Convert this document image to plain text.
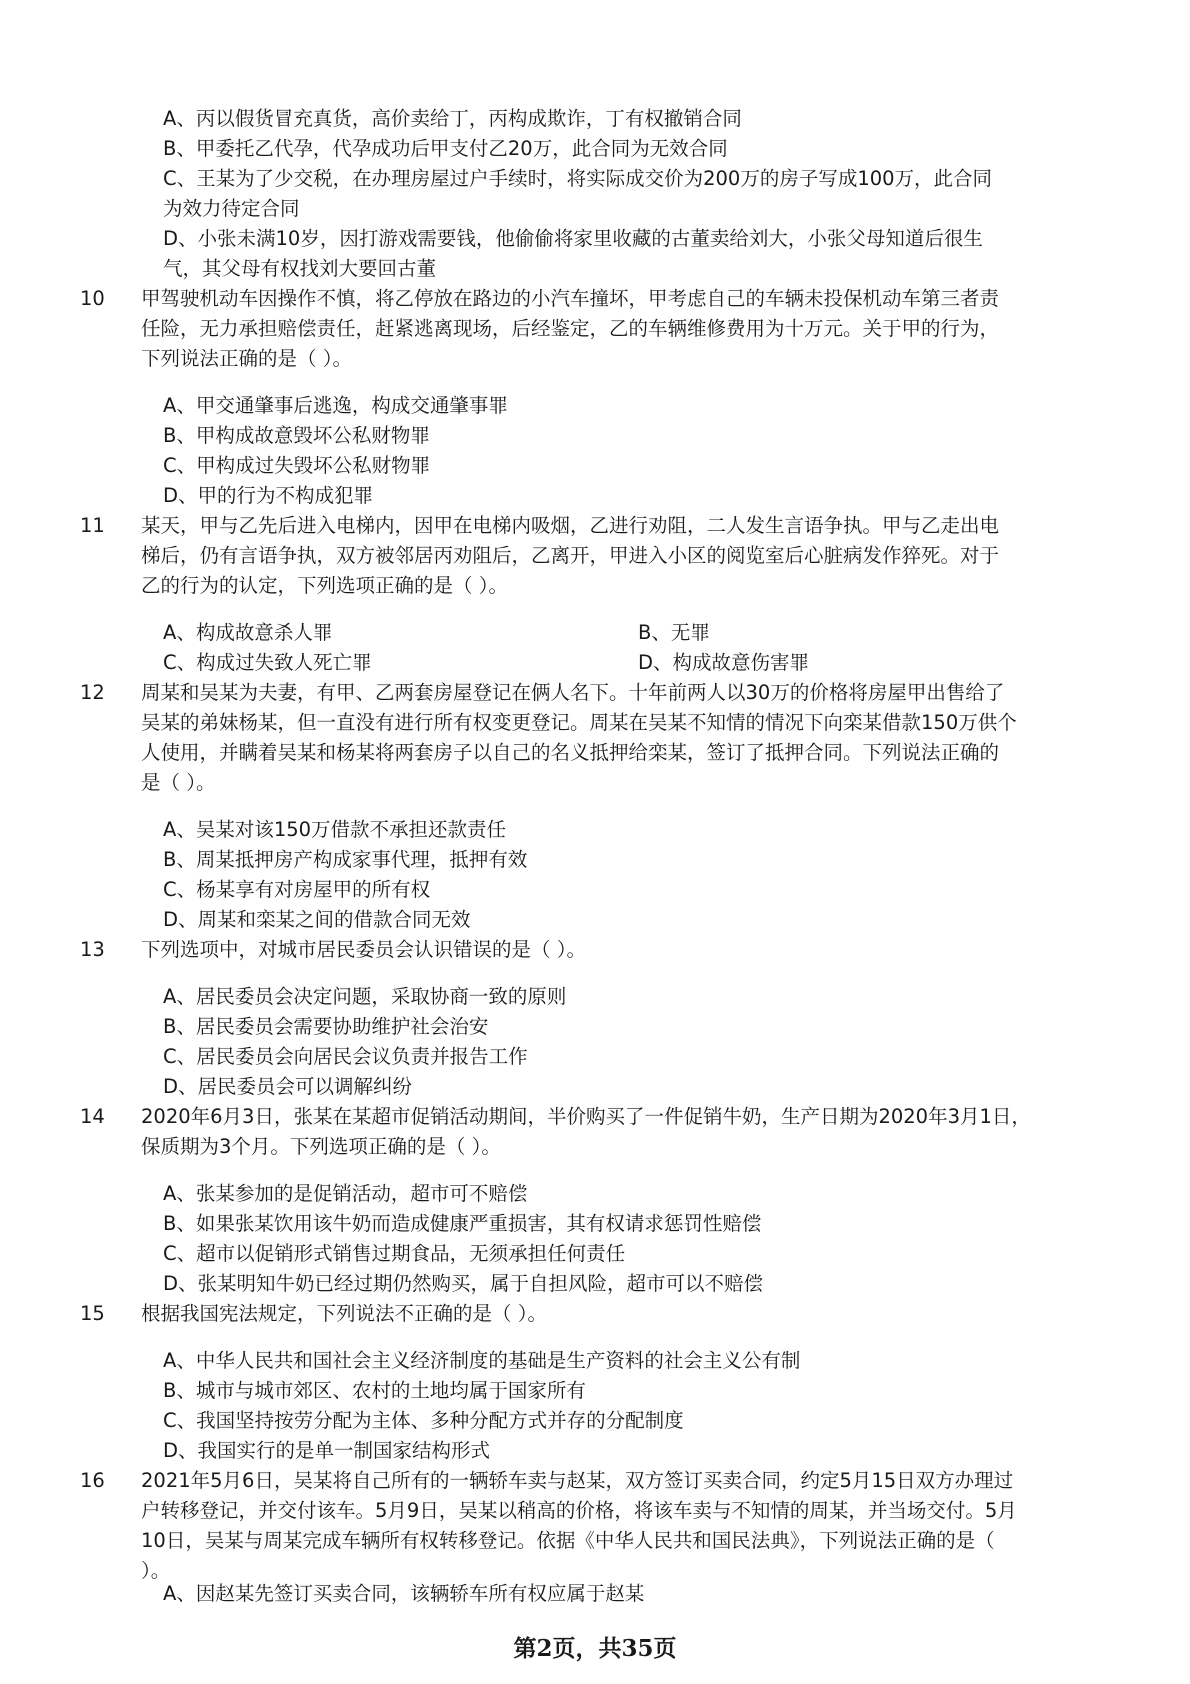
A、丙以假货冒充真货，高价卖给丁，丙构成欺诈，丁有权撤销合同
B、甲委托乙代孕，代孕成功后甲支付乙20万，此合同为无效合同
C、王某为了少交税，在办理房屋过户手续时，将实际成交价为200万的房子写成100万，此合同
为效力待定合同
D、小张未满10岁，因打游戏需要钱，他偷偷将家里收藏的古董卖给刘大，小张父母知道后很生
气，其父母有权找刘大要回古董
10	甲驾驶机动车因操作不慎，将乙停放在路边的小汽车撞坏，甲考虑自己的车辆未投保机动车第三者责
任险，无力承担赔偿责任，赶紧逃离现场，后经鉴定，乙的车辆维修费用为十万元。关于甲的行为，
下列说法正确的是（ ）。
A、甲交通肇事后逃逸，构成交通肇事罪
B、甲构成故意毁坏公私财物罪
C、甲构成过失毁坏公私财物罪
D、甲的行为不构成犯罪
11	某天，甲与乙先后进入电梯内，因甲在电梯内吸烟，乙进行劝阻，二人发生言语争执。甲与乙走出电
梯后，仍有言语争执，双方被邻居丙劝阻后，乙离开，甲进入小区的阅览室后心脏病发作猝死。对于
乙的行为的认定，下列选项正确的是（ ）。
A、构成故意杀人罪	B、无罪
C、构成过失致人死亡罪	D、构成故意伤害罪
12	周某和吴某为夫妻，有甲、乙两套房屋登记在俩人名下。十年前两人以30万的价格将房屋甲出售给了
吴某的弟妹杨某，但一直没有进行所有权变更登记。周某在吴某不知情的情况下向栾某借款150万供个
人使用，并瞒着吴某和杨某将两套房子以自己的名义抵押给栾某，签订了抵押合同。下列说法正确的
是（ ）。
A、吴某对该150万借款不承担还款责任
B、周某抵押房产构成家事代理，抵押有效
C、杨某享有对房屋甲的所有权
D、周某和栾某之间的借款合同无效
13	下列选项中，对城市居民委员会认识错误的是（ ）。
A、居民委员会决定问题，采取协商一致的原则
B、居民委员会需要协助维护社会治安
C、居民委员会向居民会议负责并报告工作
D、居民委员会可以调解纠纷
14	2020年6月3日，张某在某超市促销活动期间，半价购买了一件促销牛奶，生产日期为2020年3月1日，
保质期为3个月。下列选项正确的是（ ）。
A、张某参加的是促销活动，超市可不赔偿
B、如果张某饮用该牛奶而造成健康严重损害，其有权请求惩罚性赔偿
C、超市以促销形式销售过期食品，无须承担任何责任
D、张某明知牛奶已经过期仍然购买，属于自担风险，超市可以不赔偿
15	根据我国宪法规定，下列说法不正确的是（ ）。
A、中华人民共和国社会主义经济制度的基础是生产资料的社会主义公有制
B、城市与城市郊区、农村的土地均属于国家所有
C、我国坚持按劳分配为主体、多种分配方式并存的分配制度
D、我国实行的是单一制国家结构形式
16	2021年5月6日，吴某将自己所有的一辆轿车卖与赵某，双方签订买卖合同，约定5月15日双方办理过
户转移登记，并交付该车。5月9日，吴某以稍高的价格，将该车卖与不知情的周某，并当场交付。5月
10日，吴某与周某完成车辆所有权转移登记。依据《中华人民共和国民法典》，下列说法正确的是（
）。
A、因赵某先签订买卖合同，该辆轿车所有权应属于赵某
第2页，共35页
